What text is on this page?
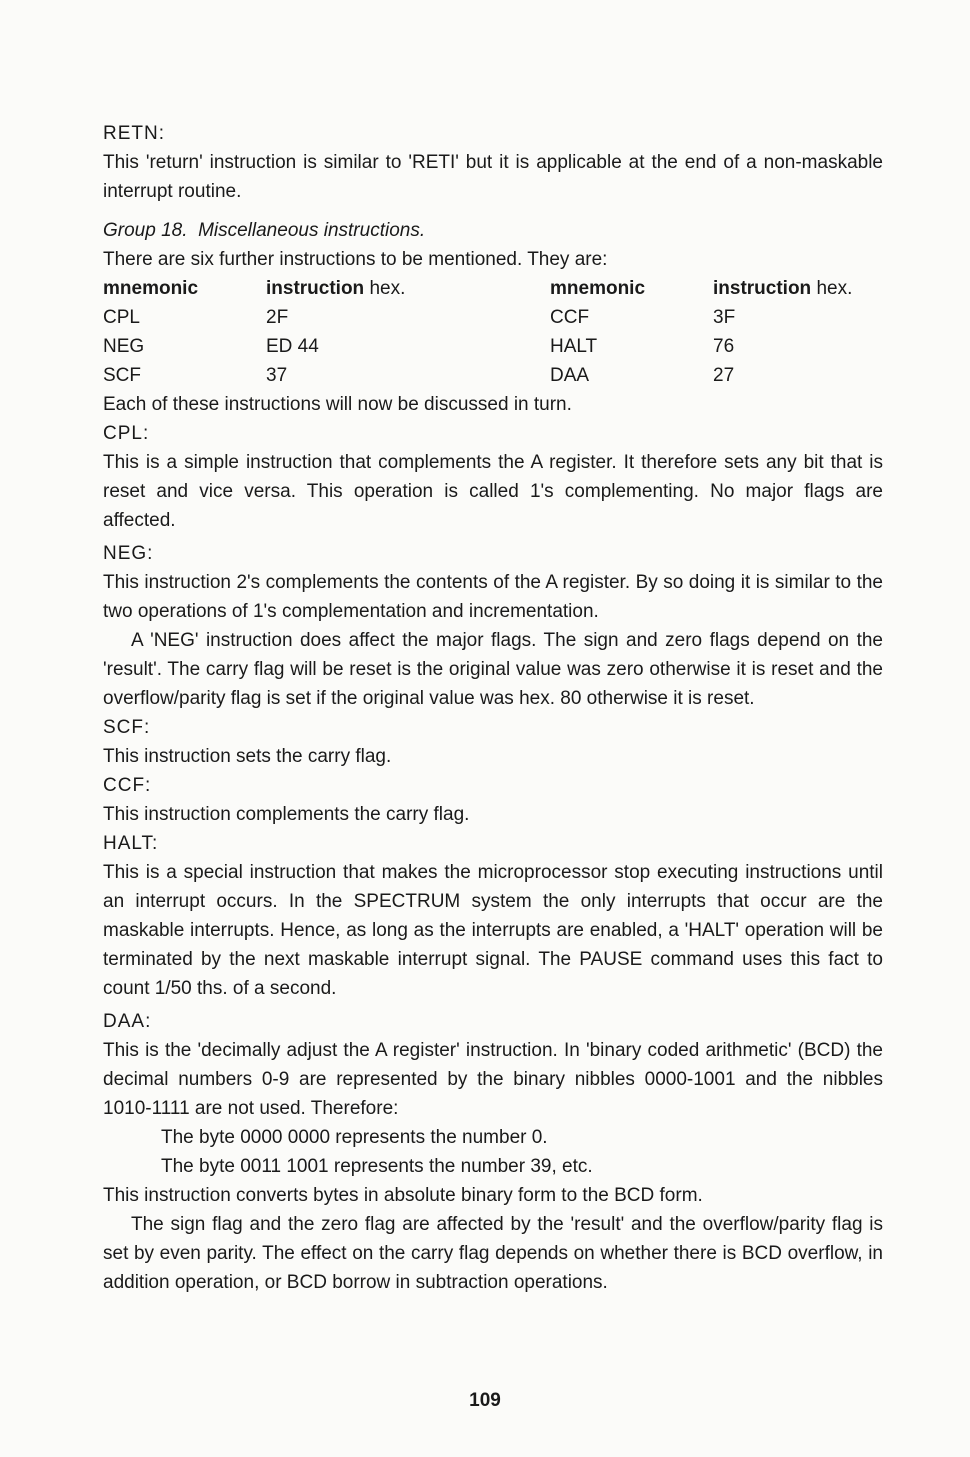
RETN:

This 'return' instruction is similar to 'RETI' but it is applicable at the end of a non-maskable interrupt routine.

Group 18. Miscellaneous instructions.

There are six further instructions to be mentioned. They are:

mnemonic	instruction hex.	mnemonic	instruction hex.
CPL	2F	CCF	3F
NEG	ED 44	HALT	76
SCF	37	DAA	27

Each of these instructions will now be discussed in turn.

CPL:

This is a simple instruction that complements the A register. It therefore sets any bit that is reset and vice versa. This operation is called 1's complementing. No major flags are affected.

NEG:

This instruction 2's complements the contents of the A register. By so doing it is similar to the two operations of 1's complementation and incrementation.

A 'NEG' instruction does affect the major flags. The sign and zero flags depend on the 'result'. The carry flag will be reset is the original value was zero otherwise it is reset and the overflow/parity flag is set if the original value was hex. 80 otherwise it is reset.

SCF:

This instruction sets the carry flag.

CCF:

This instruction complements the carry flag.

HALT:

This is a special instruction that makes the microprocessor stop executing instructions until an interrupt occurs. In the SPECTRUM system the only interrupts that occur are the maskable interrupts. Hence, as long as the interrupts are enabled, a 'HALT' operation will be terminated by the next maskable interrupt signal. The PAUSE command uses this fact to count 1/50 ths. of a second.

DAA:

This is the 'decimally adjust the A register' instruction. In 'binary coded arithmetic' (BCD) the decimal numbers 0-9 are represented by the binary nibbles 0000-1001 and the nibbles 1010-1111 are not used. Therefore:

The byte 0000 0000 represents the number 0.

The byte 0011 1001 represents the number 39, etc.

This instruction converts bytes in absolute binary form to the BCD form.

The sign flag and the zero flag are affected by the 'result' and the overflow/parity flag is set by even parity. The effect on the carry flag depends on whether there is BCD overflow, in addition operation, or BCD borrow in subtraction operations.

109
